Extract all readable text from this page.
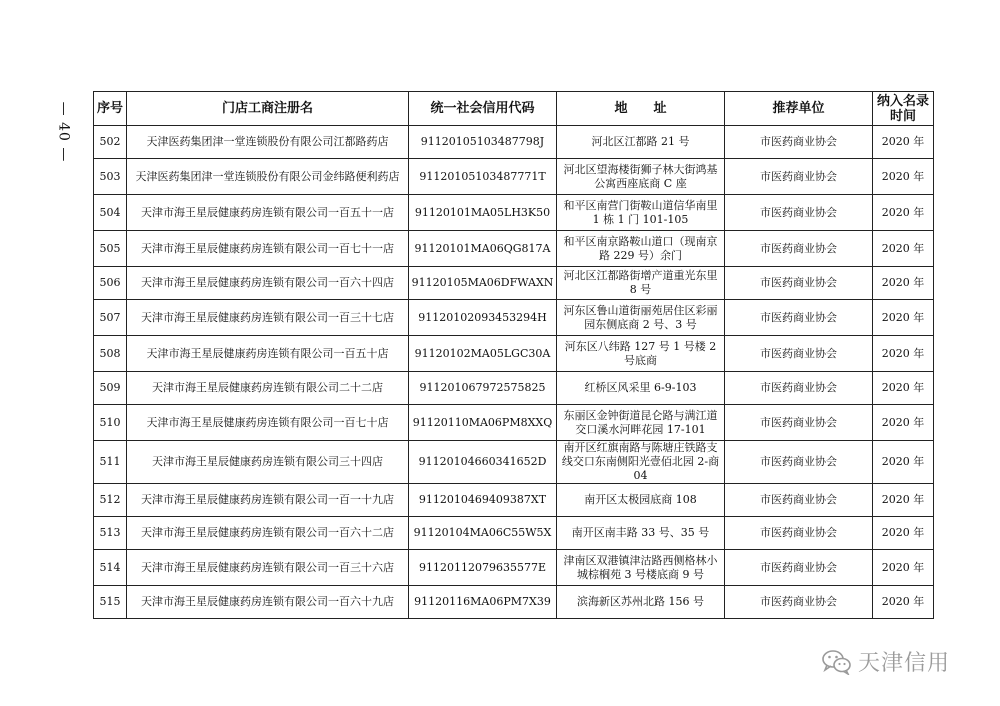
— 40 — 序号	门店工商注册名	统一社会信用代码	地　　址	推荐单位	纳入名录时间
502	天津医药集团津一堂连锁股份有限公司江都路药店	91120105103487798J	河北区江都路 21 号	市医药商业协会	2020 年
503	天津医药集团津一堂连锁股份有限公司金纬路便利药店	91120105103487771T	河北区望海楼街狮子林大街鸿基公寓西座底商 C 座	市医药商业协会	2020 年
504	天津市海王星辰健康药房连锁有限公司一百五十一店	91120101MA05LH3K50	和平区南营门街鞍山道信华南里 1 栋 1 门 101-105	市医药商业协会	2020 年
505	天津市海王星辰健康药房连锁有限公司一百七十一店	91120101MA06QG817A	和平区南京路鞍山道口（现南京路 229 号）余门	市医药商业协会	2020 年
506	天津市海王星辰健康药房连锁有限公司一百六十四店	91120105MA06DFWAXN	河北区江都路街增产道重光东里 8 号	市医药商业协会	2020 年
507	天津市海王星辰健康药房连锁有限公司一百三十七店	91120102093453294H	河东区鲁山道街丽苑居住区彩丽园东侧底商 2 号、3 号	市医药商业协会	2020 年
508	天津市海王星辰健康药房连锁有限公司一百五十店	91120102MA05LGC30A	河东区八纬路 127 号 1 号楼 2 号底商	市医药商业协会	2020 年
509	天津市海王星辰健康药房连锁有限公司二十二店	911201067972575825	红桥区风采里 6-9-103	市医药商业协会	2020 年
510	天津市海王星辰健康药房连锁有限公司一百七十店	91120110MA06PM8XXQ	东丽区金钟街道昆仑路与满江道交口溪水河畔花园 17-101	市医药商业协会	2020 年
511	天津市海王星辰健康药房连锁有限公司三十四店	91120104660341652D	南开区红旗南路与陈塘庄铁路支线交口东南侧阳光壹佰北园 2-商 04	市医药商业协会	2020 年
512	天津市海王星辰健康药房连锁有限公司一百一十九店	9112010469409387XT	南开区太极园底商 108	市医药商业协会	2020 年
513	天津市海王星辰健康药房连锁有限公司一百六十二店	91120104MA06C55W5X	南开区南丰路 33 号、35 号	市医药商业协会	2020 年
514	天津市海王星辰健康药房连锁有限公司一百三十六店	91120112079635577E	津南区双港镇津沽路西侧格林小城棕榈苑 3 号楼底商 9 号	市医药商业协会	2020 年
515	天津市海王星辰健康药房连锁有限公司一百六十九店	91120116MA06PM7X39	滨海新区苏州北路 156 号	市医药商业协会	2020 年
天津信用
